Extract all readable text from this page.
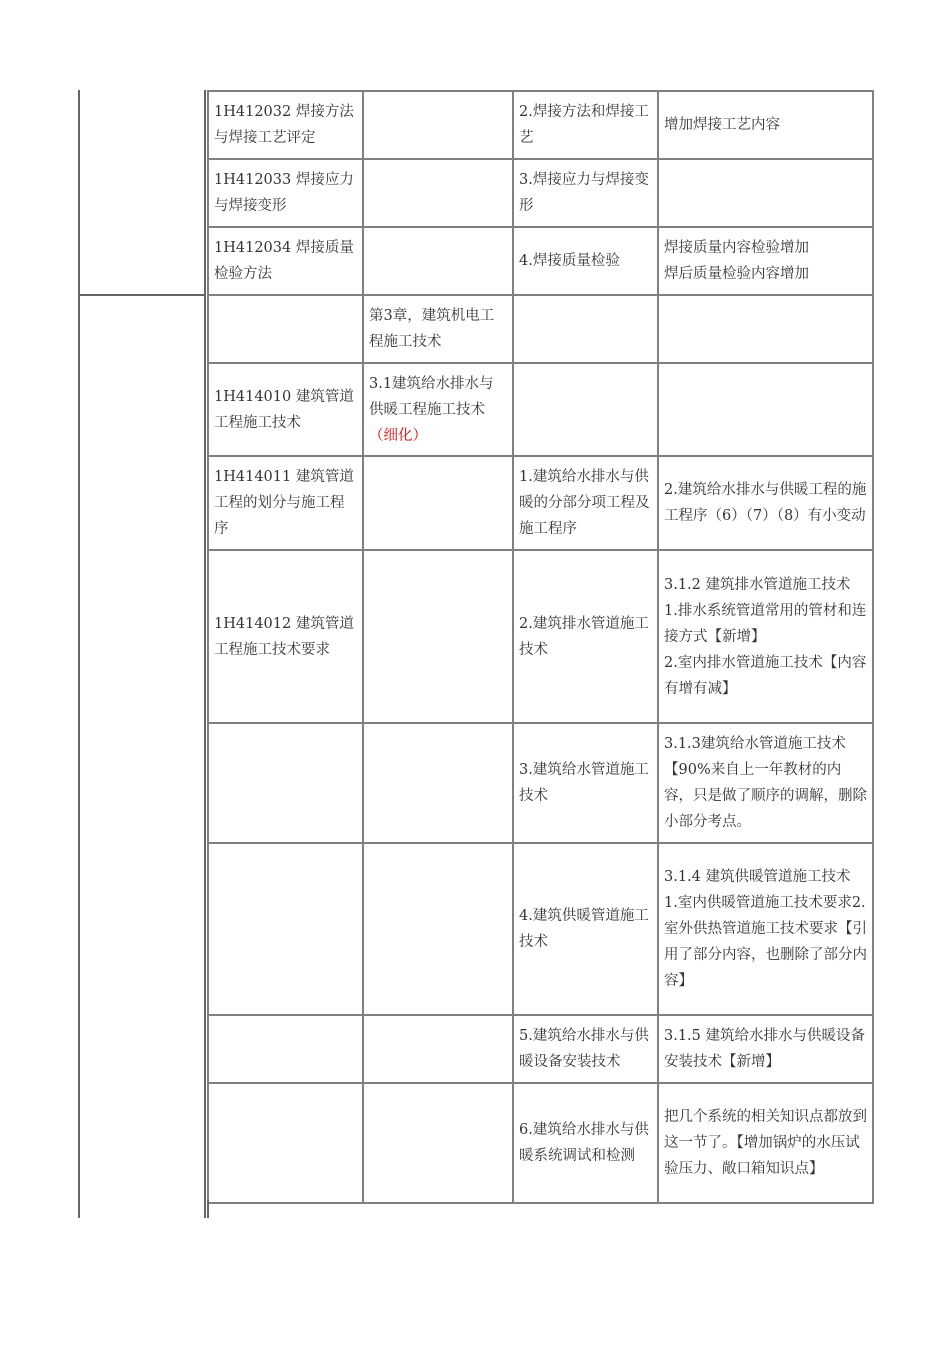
1H412032 焊接方法与焊接工艺评定		2.焊接方法和焊接工艺	增加焊接工艺内容

1H412033 焊接应力与焊接变形		3.焊接应力与焊接变形	
1H412034 焊接质量检验方法		4.焊接质量检验	焊接质量内容检验增加
焊后质量检验内容增加

	第3章，建筑机电工程施工技术		
1H414010 建筑管道工程施工技术	3.1建筑给水排水与供暖工程施工技术（细化）		
1H414011 建筑管道工程的划分与施工程序		1.建筑给水排水与供暖的分部分项工程及施工程序	2.建筑给水排水与供暖工程的施工程序（6）（7）（8）有小变动

1H414012 建筑管道工程施工技术要求		2.建筑排水管道施工技术	3.1.2 建筑排水管道施工技术
1.排水系统管道常用的管材和连接方式【新增】
2.室内排水管道施工技术【内容有增有减】

		3.建筑给水管道施工技术	3.1.3建筑给水管道施工技术【90%来自上一年教材的内容，只是做了顺序的调解，删除小部分考点。

		4.建筑供暖管道施工技术	3.1.4 建筑供暖管道施工技术
1.室内供暖管道施工技术要求2.室外供热管道施工技术要求【引用了部分内容，也删除了部分内容】

		5.建筑给水排水与供暖设备安装技术	3.1.5 建筑给水排水与供暖设备安装技术【新增】

		6.建筑给水排水与供暖系统调试和检测	把几个系统的相关知识点都放到这一节了。【增加锅炉的水压试验压力、敞口箱知识点】
